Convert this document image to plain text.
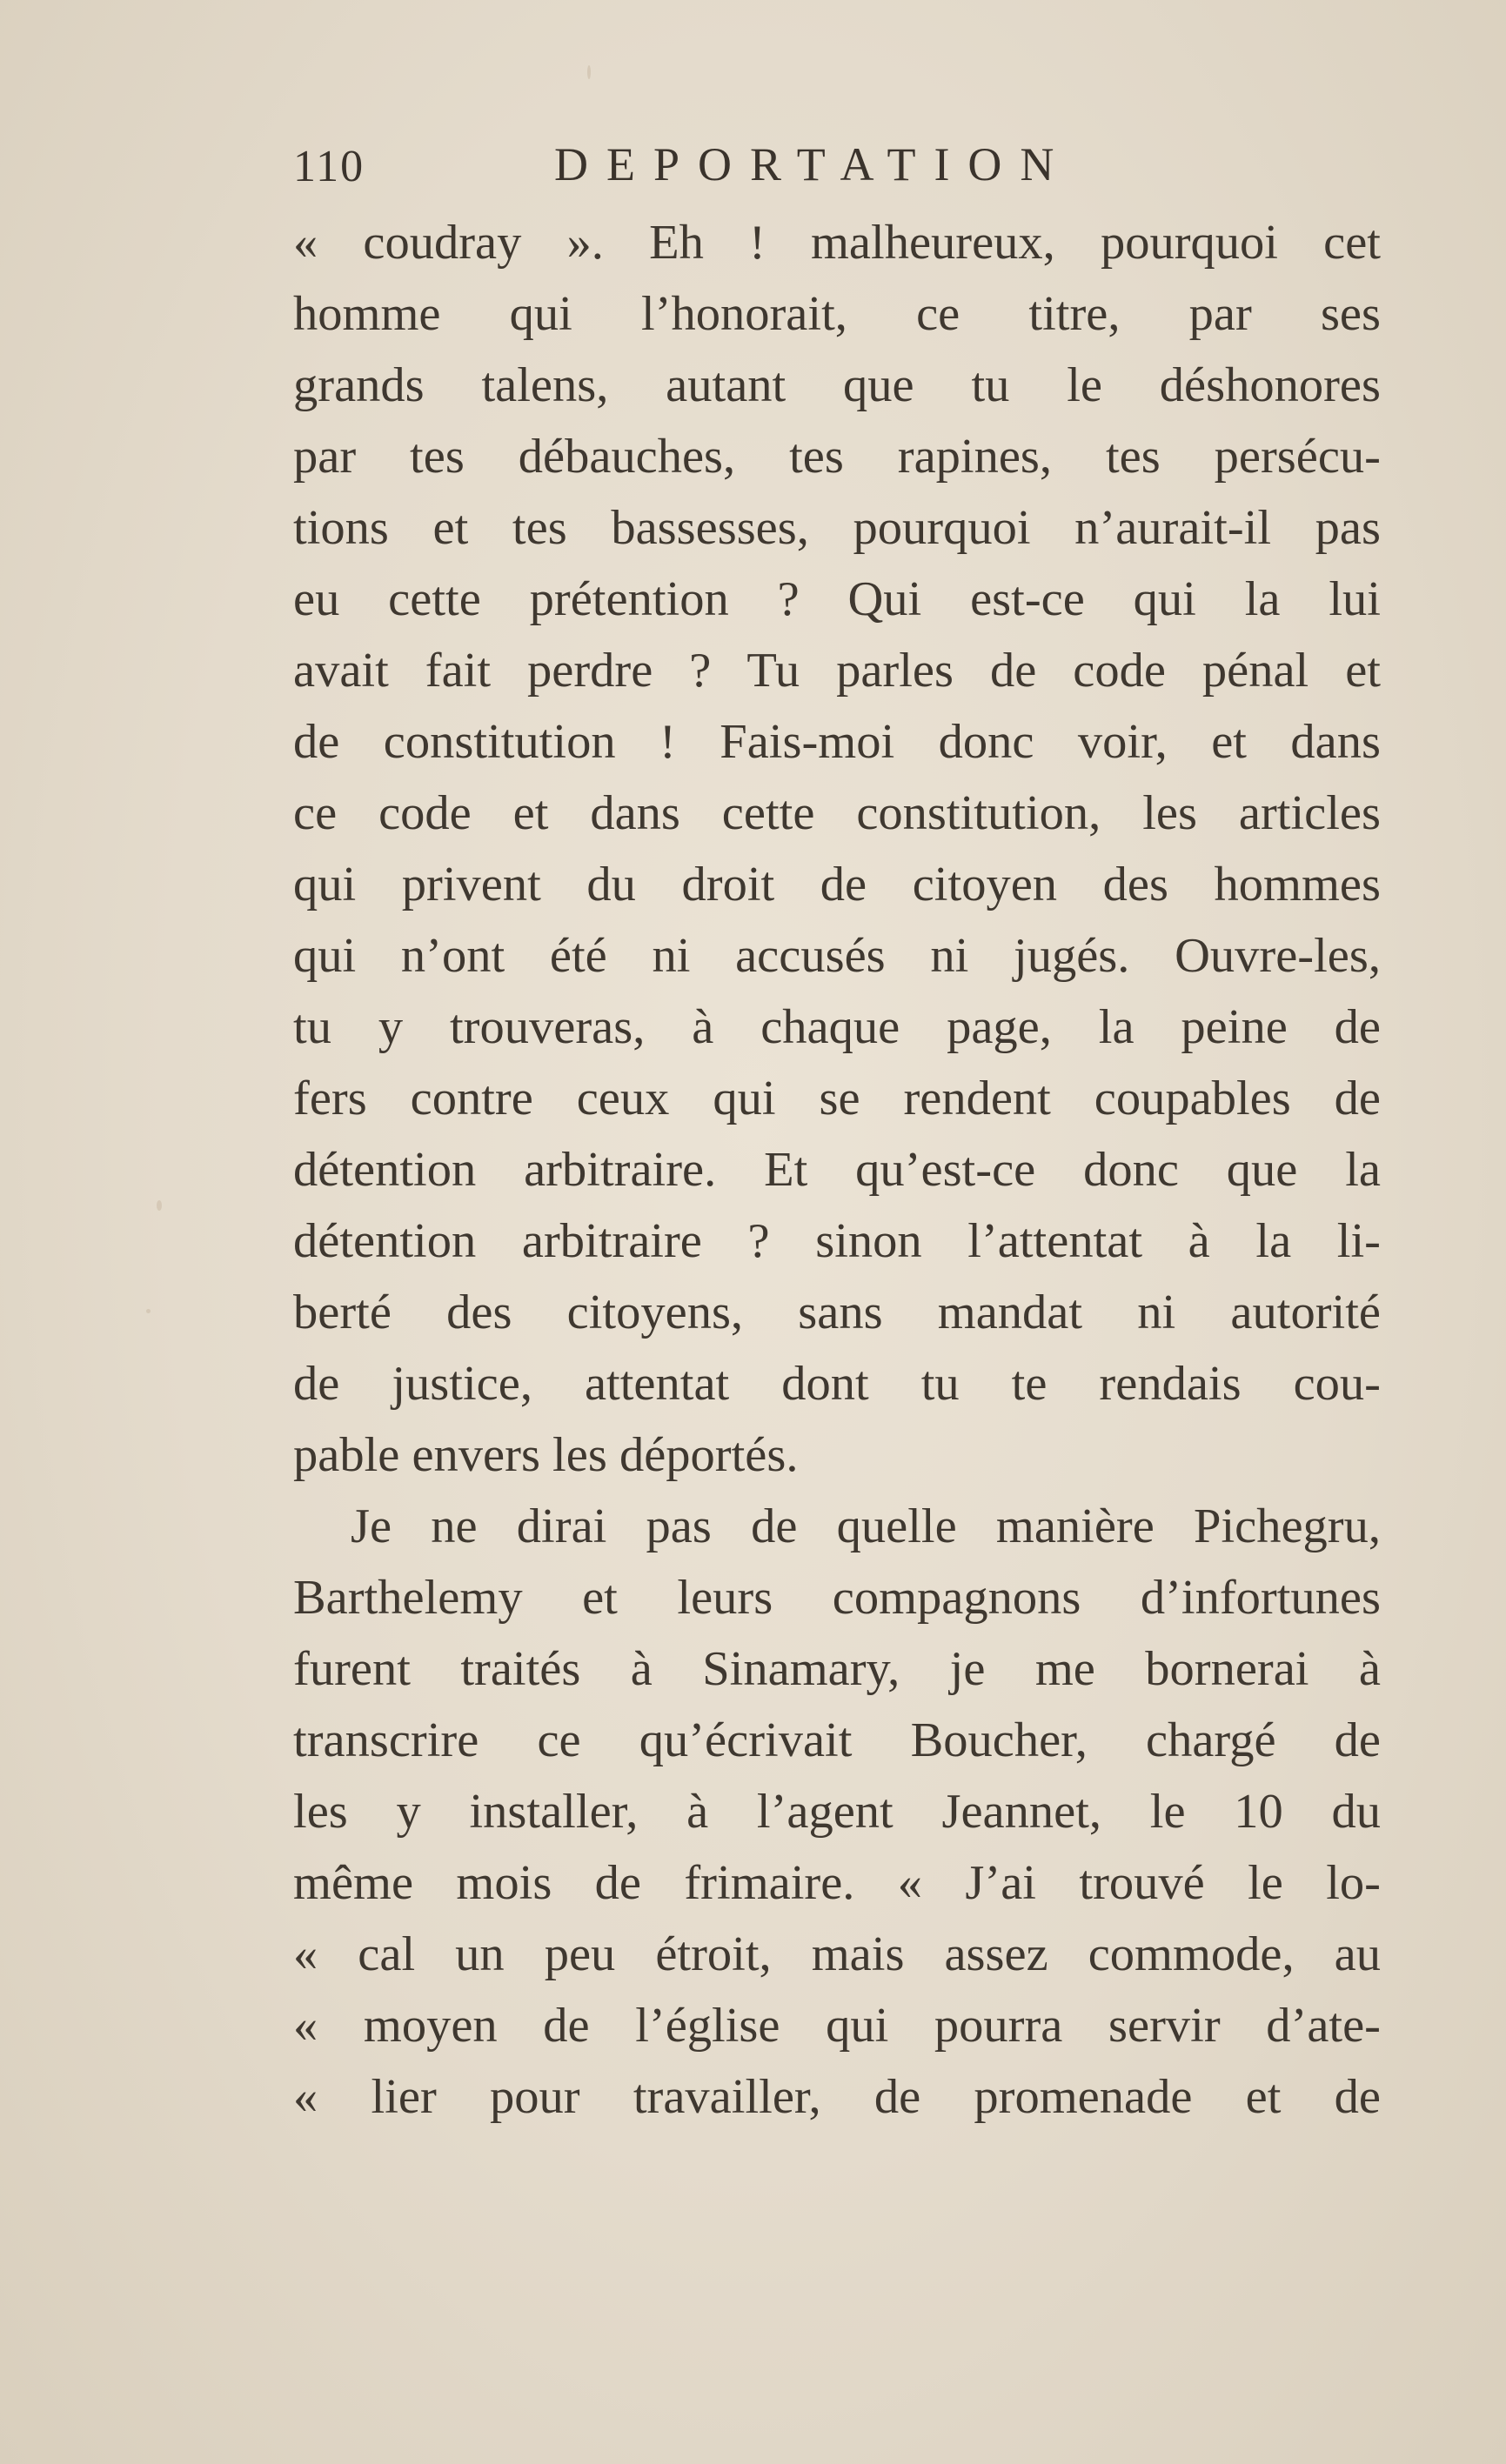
110	DEPORTATION
« coudray ». Eh ! malheureux, pourquoi cet
homme qui l’honorait, ce titre, par ses
grands talens, autant que tu le déshonores
par tes débauches, tes rapines, tes persécu-
tions et tes bassesses, pourquoi n’aurait-il pas
eu cette prétention ? Qui est-ce qui la lui
avait fait perdre ? Tu parles de code pénal et
de constitution ! Fais-moi donc voir, et dans
ce code et dans cette constitution, les articles
qui privent du droit de citoyen des hommes
qui n’ont été ni accusés ni jugés. Ouvre-les,
tu y trouveras, à chaque page, la peine de
fers contre ceux qui se rendent coupables de
détention arbitraire. Et qu’est-ce donc que la
détention arbitraire ? sinon l’attentat à la li-
berté des citoyens, sans mandat ni autorité
de justice, attentat dont tu te rendais cou-
pable envers les déportés.
Je ne dirai pas de quelle manière Pichegru,
Barthelemy et leurs compagnons d’infortunes
furent traités à Sinamary, je me bornerai à
transcrire ce qu’écrivait Boucher, chargé de
les y installer, à l’agent Jeannet, le 10 du
même mois de frimaire. « J’ai trouvé le lo-
« cal un peu étroit, mais assez commode, au
« moyen de l’église qui pourra servir d’ate-
« lier pour travailler, de promenade et de
